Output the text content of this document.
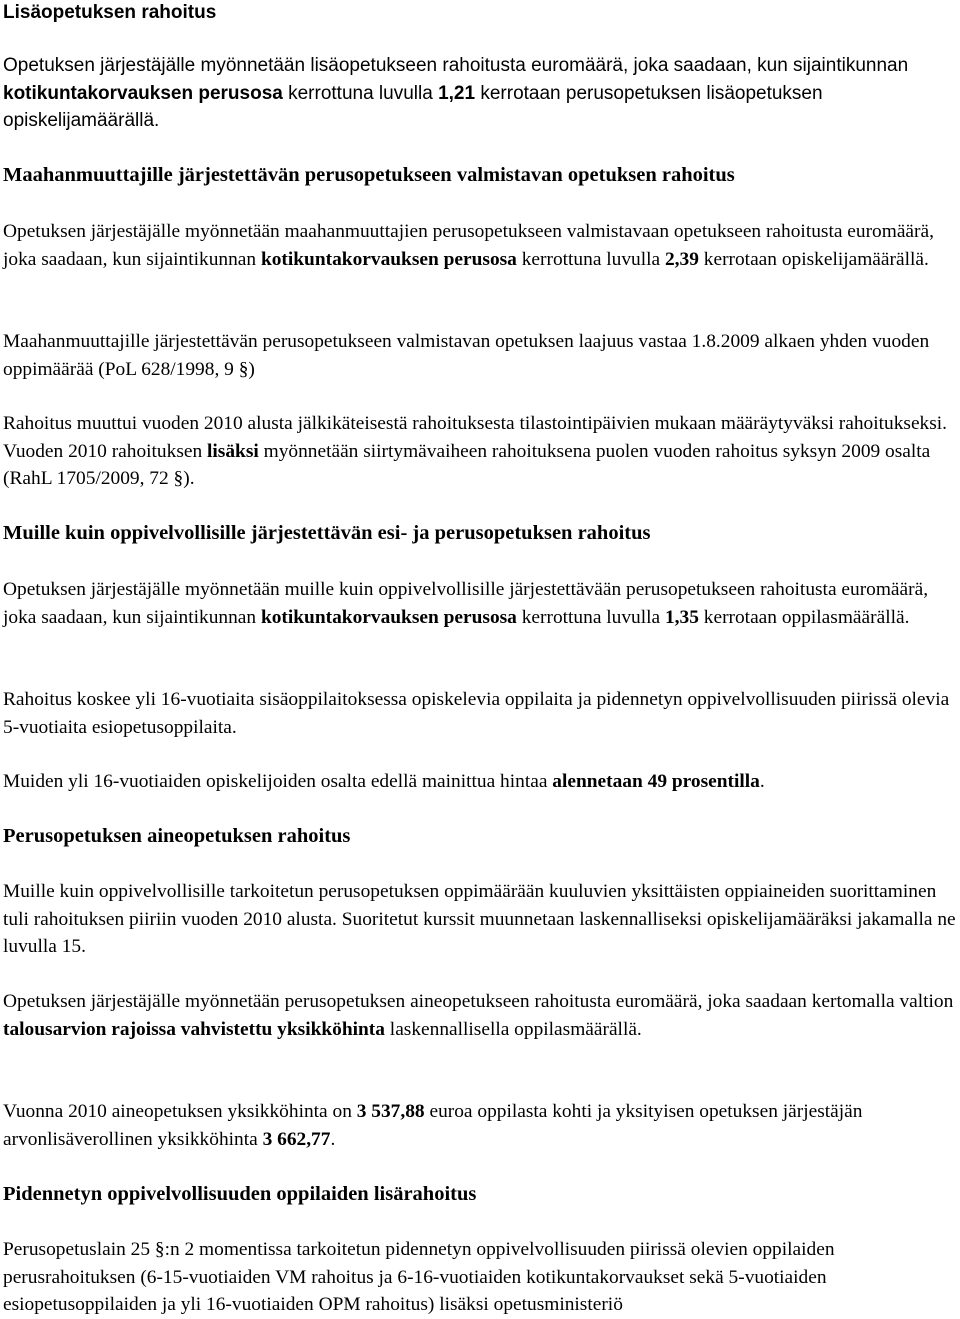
Lisäopetuksen rahoitus

Opetuksen järjestäjälle myönnetään lisäopetukseen rahoitusta euromäärä, joka saadaan, kun sijaintikunnan kotikuntakorvauksen perusosa kerrottuna luvulla 1,21 kerrotaan perusopetuksen lisäopetuksen opiskelijamäärällä.

Maahanmuuttajille järjestettävän perusopetukseen valmistavan opetuksen rahoitus

Opetuksen järjestäjälle myönnetään maahanmuuttajien perusopetukseen valmistavaan opetukseen rahoitusta euromäärä, joka saadaan, kun sijaintikunnan kotikuntakorvauksen perusosa kerrottuna luvulla 2,39 kerrotaan opiskelijamäärällä.

Maahanmuuttajille järjestettävän perusopetukseen valmistavan opetuksen laajuus vastaa 1.8.2009 alkaen yhden vuoden oppimäärää (PoL 628/1998, 9 §)

Rahoitus muuttui vuoden 2010 alusta jälkikäteisestä rahoituksesta tilastointipäivien mukaan määräytyväksi rahoitukseksi. Vuoden 2010 rahoituksen lisäksi myönnetään siirtymävaiheen rahoituksena puolen vuoden rahoitus syksyn 2009 osalta (RahL 1705/2009, 72 §).

Muille kuin oppivelvollisille järjestettävän esi- ja perusopetuksen rahoitus

Opetuksen järjestäjälle myönnetään muille kuin oppivelvollisille järjestettävään perusopetukseen rahoitusta euromäärä, joka saadaan, kun sijaintikunnan kotikuntakorvauksen perusosa kerrottuna luvulla 1,35 kerrotaan oppilasmäärällä.

Rahoitus koskee yli 16-vuotiaita sisäoppilaitoksessa opiskelevia oppilaita ja pidennetyn oppivelvollisuuden piirissä olevia 5-vuotiaita esiopetusoppilaita.

Muiden yli 16-vuotiaiden opiskelijoiden osalta edellä mainittua hintaa alennetaan 49 prosentilla.

Perusopetuksen aineopetuksen rahoitus

Muille kuin oppivelvollisille tarkoitetun perusopetuksen oppimäärään kuuluvien yksittäisten oppiaineiden suorittaminen tuli rahoituksen piiriin vuoden 2010 alusta. Suoritetut kurssit muunnetaan laskennalliseksi opiskelijamääräksi jakamalla ne luvulla 15.

Opetuksen järjestäjälle myönnetään perusopetuksen aineopetukseen rahoitusta euromäärä, joka saadaan kertomalla valtion talousarvion rajoissa vahvistettu yksikköhinta laskennallisella oppilasmäärällä.

Vuonna 2010 aineopetuksen yksikköhinta on 3 537,88 euroa oppilasta kohti ja yksityisen opetuksen järjestäjän arvonlisäverollinen yksikköhinta 3 662,77.

Pidennetyn oppivelvollisuuden oppilaiden lisärahoitus

Perusopetuslain 25 §:n 2 momentissa tarkoitetun pidennetyn oppivelvollisuuden piirissä olevien oppilaiden perusrahoituksen (6-15-vuotiaiden VM rahoitus ja 6-16-vuotiaiden kotikuntakorvaukset sekä 5-vuotiaiden esiopetusoppilaiden ja yli 16-vuotiaiden OPM rahoitus) lisäksi opetusministeriö
